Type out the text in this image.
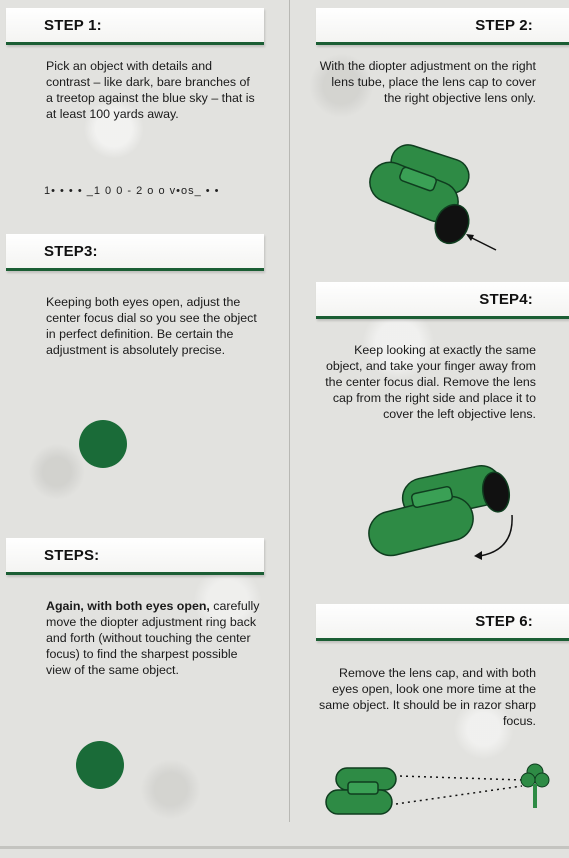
STEP 1:
Pick an object with details and contrast – like dark, bare branches of a treetop against the blue sky – that is at least 100 yards away.
1• • • • _1 0 0 - 2 o o v•os_ • •
STEP 2:
With the diopter adjustment on the right lens tube, place the lens cap to cover the right objective lens only.
STEP3:
Keeping both eyes open, adjust the center focus dial so you see the object in perfect definition. Be certain the adjustment is absolutely precise.
STEP4:
Keep looking at exactly the same object, and take your finger away from the center focus dial. Remove the lens cap from the right side and place it to cover the left objective lens.
STEPS:
Again, with both eyes open, carefully move the diopter adjustment ring back and forth (without touching the center focus) to find the sharpest possible view of the same object.
STEP 6:
Remove the lens cap, and with both eyes open, look one more time at the same object. It should be in razor sharp focus.
